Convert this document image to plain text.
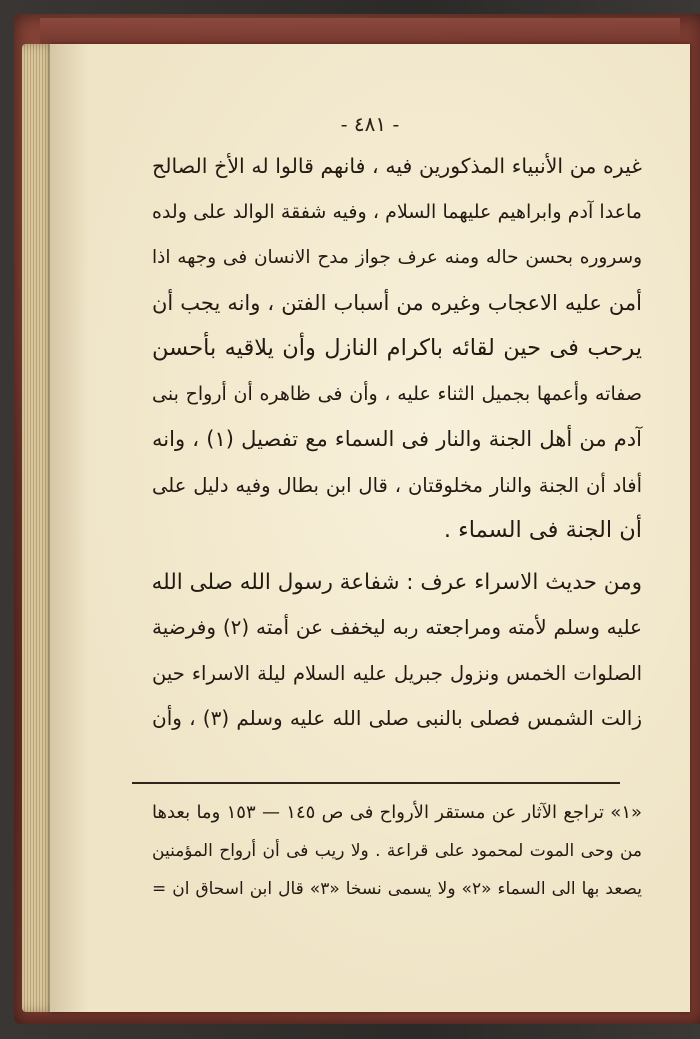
- ٤٨١ -

غيره من الأنبياء المذكورين فيه ، فانهم قالوا له الأخ الصالح
ماعدا آدم وابراهيم عليهما السلام ، وفيه شفقة الوالد على ولده
وسروره بحسن حاله ومنه عرف جواز مدح الانسان فى وجهه اذا
أمن عليه الاعجاب وغيره من أسباب الفتن ، وانه يجب أن
يرحب فى حين لقائه باكرام النازل وأن يلاقيه بأحسن
صفاته وأعمها بجميل الثناء عليه ، وأن فى ظاهره أن أرواح بنى
آدم من أهل الجنة والنار فى السماء مع تفصيل (١) ، وانه
أفاد أن الجنة والنار مخلوقتان ، قال ابن بطال وفيه دليل على
أن الجنة فى السماء .

ومن حديث الاسراء عرف : شفاعة رسول الله صلى الله
عليه وسلم لأمته ومراجعته ربه ليخفف عن أمته (٢) وفرضية
الصلوات الخمس ونزول جبريل عليه السلام ليلة الاسراء حين
زالت الشمس فصلى بالنبى صلى الله عليه وسلم (٣) ، وأن

«١» تراجع الآثار عن مستقر الأرواح فى ص ١٤٥ — ١٥٣ وما بعدها
من وحى الموت لمحمود على قراعة . ولا ريب فى أن أرواح المؤمنين
يصعد بها الى السماء «٢» ولا يسمى نسخا «٣» قال ابن اسحاق ان =
